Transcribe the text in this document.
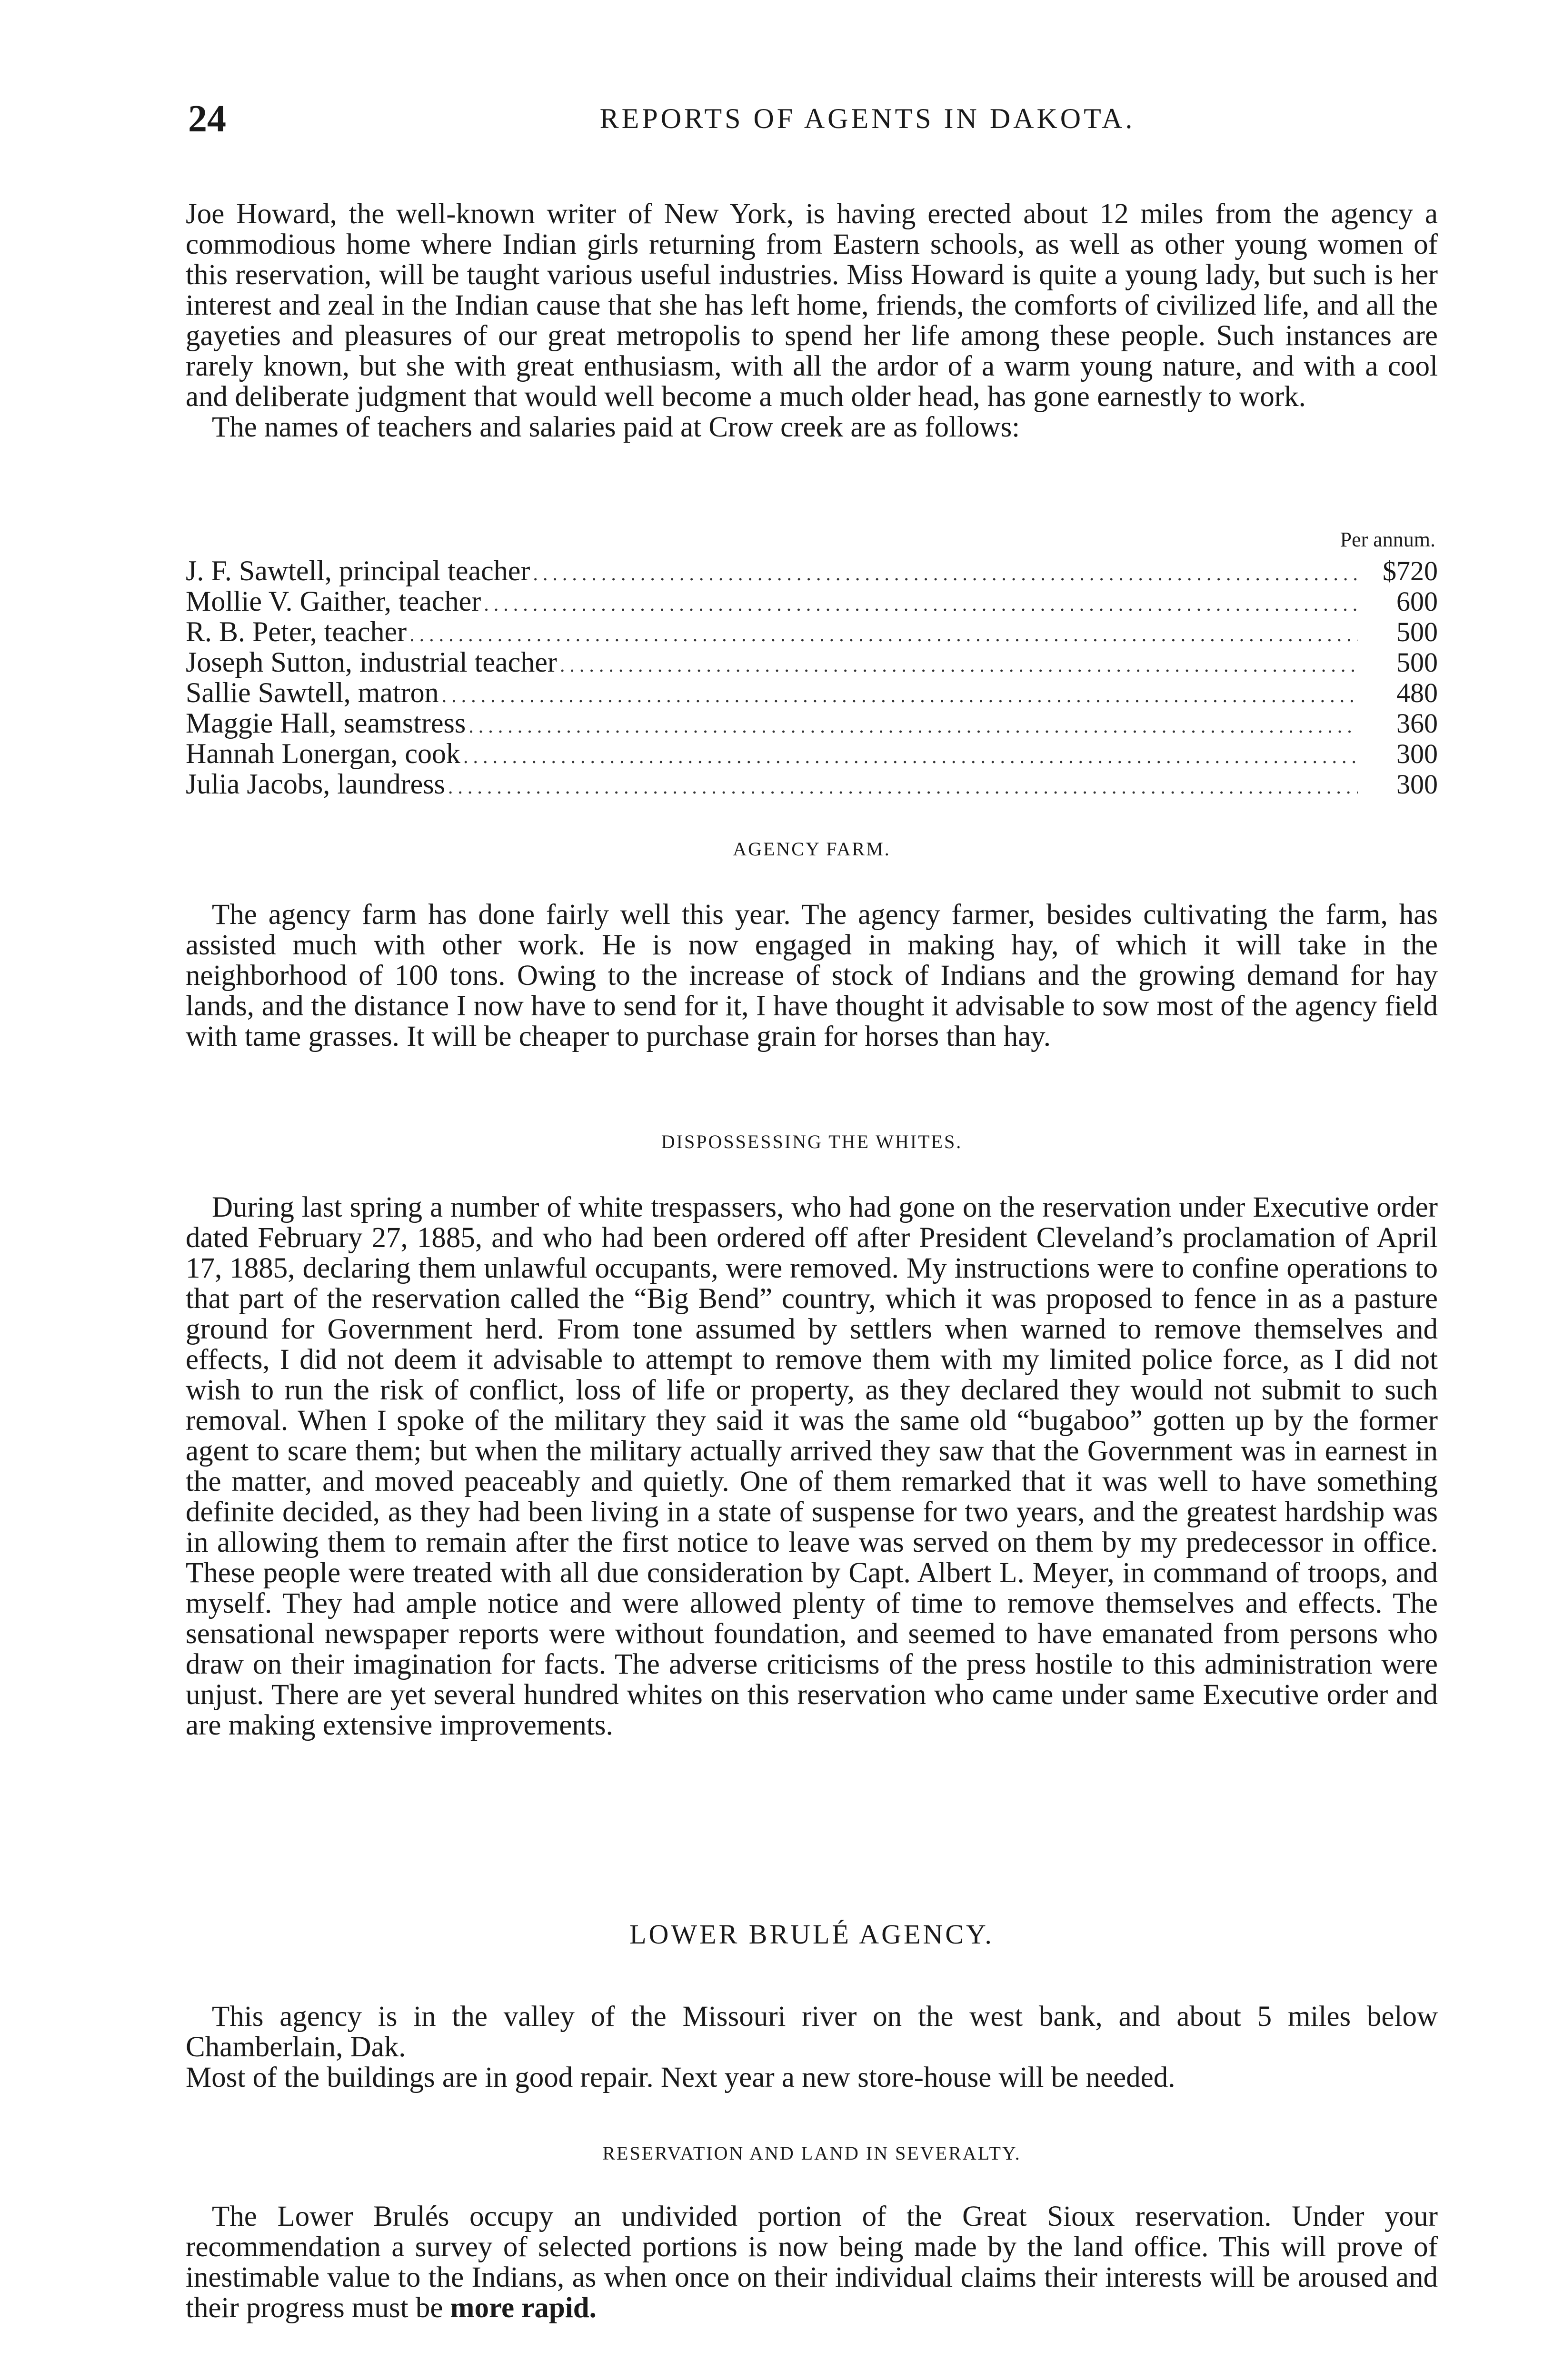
24	REPORTS OF AGENTS IN DAKOTA.

Joe Howard, the well-known writer of New York, is having erected about 12 miles from the agency a commodious home where Indian girls returning from Eastern schools, as well as other young women of this reservation, will be taught various useful industries. Miss Howard is quite a young lady, but such is her interest and zeal in the Indian cause that she has left home, friends, the comforts of civilized life, and all the gayeties and pleasures of our great metropolis to spend her life among these people. Such instances are rarely known, but she with great enthusiasm, with all the ardor of a warm young nature, and with a cool and deliberate judgment that would well become a much older head, has gone earnestly to work.

The names of teachers and salaries paid at Crow creek are as follows:

Per annum.
J. F. Sawtell, principal teacher .....	$720
Mollie V. Gaither, teacher .....	600
R. B. Peter, teacher .....	500
Joseph Sutton, industrial teacher .....	500
Sallie Sawtell, matron .....	480
Maggie Hall, seamstress .....	360
Hannah Lonergan, cook .....	300
Julia Jacobs, laundress .....	300
AGENCY FARM.

The agency farm has done fairly well this year. The agency farmer, besides cultivating the farm, has assisted much with other work. He is now engaged in making hay, of which it will take in the neighborhood of 100 tons. Owing to the increase of stock of Indians and the growing demand for hay lands, and the distance I now have to send for it, I have thought it advisable to sow most of the agency field with tame grasses. It will be cheaper to purchase grain for horses than hay.

DISPOSSESSING THE WHITES.

During last spring a number of white trespassers, who had gone on the reservation under Executive order dated February 27, 1885, and who had been ordered off after President Cleveland’s proclamation of April 17, 1885, declaring them unlawful occupants, were removed. My instructions were to confine operations to that part of the reservation called the “Big Bend” country, which it was proposed to fence in as a pasture ground for Government herd. From tone assumed by settlers when warned to remove themselves and effects, I did not deem it advisable to attempt to remove them with my limited police force, as I did not wish to run the risk of conflict, loss of life or property, as they declared they would not submit to such removal. When I spoke of the military they said it was the same old “bugaboo” gotten up by the former agent to scare them; but when the military actually arrived they saw that the Government was in earnest in the matter, and moved peaceably and quietly. One of them remarked that it was well to have something definite decided, as they had been living in a state of suspense for two years, and the greatest hardship was in allowing them to remain after the first notice to leave was served on them by my predecessor in office. These people were treated with all due consideration by Capt. Albert L. Meyer, in command of troops, and myself. They had ample notice and were allowed plenty of time to remove themselves and effects. The sensational newspaper reports were without foundation, and seemed to have emanated from persons who draw on their imagination for facts. The adverse criticisms of the press hostile to this administration were unjust. There are yet several hundred whites on this reservation who came under same Executive order and are making extensive improvements.

LOWER BRULÉ AGENCY.

This agency is in the valley of the Missouri river on the west bank, and about 5 miles below Chamberlain, Dak.

Most of the buildings are in good repair. Next year a new store-house will be needed.

RESERVATION AND LAND IN SEVERALTY.

The Lower Brulés occupy an undivided portion of the Great Sioux reservation. Under your recommendation a survey of selected portions is now being made by the land office. This will prove of inestimable value to the Indians, as when once on their individual claims their interests will be aroused and their progress must be more rapid.
